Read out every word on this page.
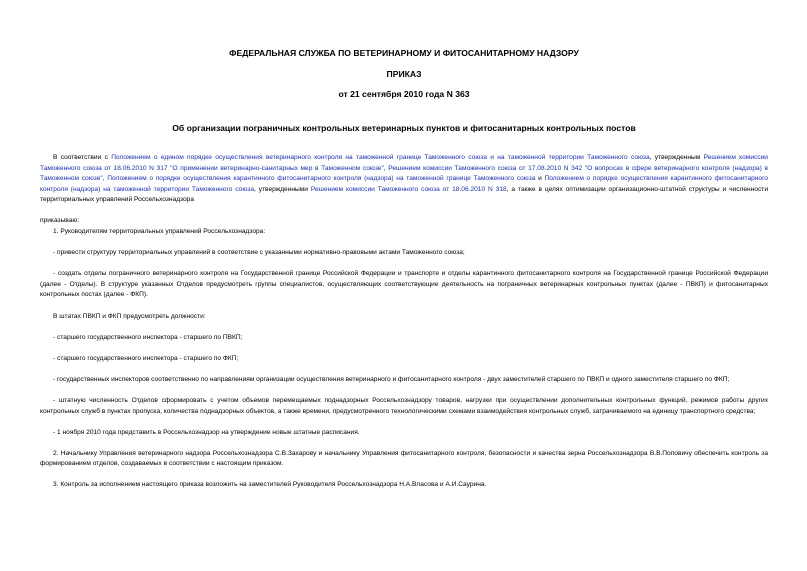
ФЕДЕРАЛЬНАЯ СЛУЖБА ПО ВЕТЕРИНАРНОМУ И ФИТОСАНИТАРНОМУ НАДЗОРУ
ПРИКАЗ
от 21 сентября 2010 года N 363
Об организации пограничных контрольных ветеринарных пунктов и фитосанитарных контрольных постов

В соответствии с Положением о едином порядке осуществления ветеринарного контроля на таможенной границе Таможенного союза и на таможенной территории Таможенного союза, утвержденным Решением комиссии Таможенного союза от 18.06.2010 N 317 "О применении ветеринарно-санитарных мер в Таможенном союзе", Решением комиссии Таможенного союза от 17.08.2010 N 342 "О вопросах в сфере ветеринарного контроля (надзора) в Таможенном союзе", Положением о порядке осуществления карантинного фитосанитарного контроля (надзора) на таможенной границе Таможенного союза и Положением о порядке осуществления карантинного фитосанитарного контроля (надзора) на таможенной территории Таможенного союза, утвержденными Решением комиссии Таможенного союза от 18.06.2010 N 318, а также в целях оптимизации организационно-штатной структуры и численности территориальных управлений Россельхознадзора

приказываю:

1. Руководителям территориальных управлений Россельхознадзора:

- привести структуру территориальных управлений в соответствие с указанными нормативно-правовыми актами Таможенного союза;

- создать отделы пограничного ветеринарного контроля на Государственной границе Российской Федерации и транспорте и отделы карантинного фитосанитарного контроля на Государственной границе Российской Федерации (далее - Отделы). В структуре указанных Отделов предусмотреть группы специалистов, осуществляющих соответствующие деятельность на пограничных ветеринарных контрольных пунктах (далее - ПВКП) и фитосанитарных контрольных постах (далее - ФКП).

В штатах ПВКП и ФКП предусмотреть должности:

- старшего государственного инспектора - старшего по ПВКП;

- старшего государственного инспектора - старшего по ФКП;

- государственных инспекторов соответственно по направлениям организации осуществления ветеринарного и фитосанитарного контроля - двух заместителей старшего по ПВКП и одного заместителя старшего по ФКП;

- штатную численность Отделов сформировать с учетом объемов перемещаемых поднадзорных Россельхознадзору товаров, нагрузки при осуществлении дополнительных контрольных функций, режимов работы других контрольных служб в пунктах пропуска, количества поднадзорных объектов, а также времени, предусмотренного технологическими схемами взаимодействия контрольных служб, затрачиваемого на единицу транспортного средства;

- 1 ноября 2010 года представить в Россельхознадзор на утверждение новые штатные расписания.

2. Начальнику Управления ветеринарного надзора Россельхознадзора С.В.Захарову и начальнику Управления фитосанитарного контроля, безопасности и качества зерна Россельхознадзора В.В.Поповичу обеспечить контроль за формированием отделов, создаваемых в соответствии с настоящим приказом.

3. Контроль за исполнением настоящего приказа возложить на заместителей Руководителя Россельхознадзора Н.А.Власова и А.И.Саурина.
